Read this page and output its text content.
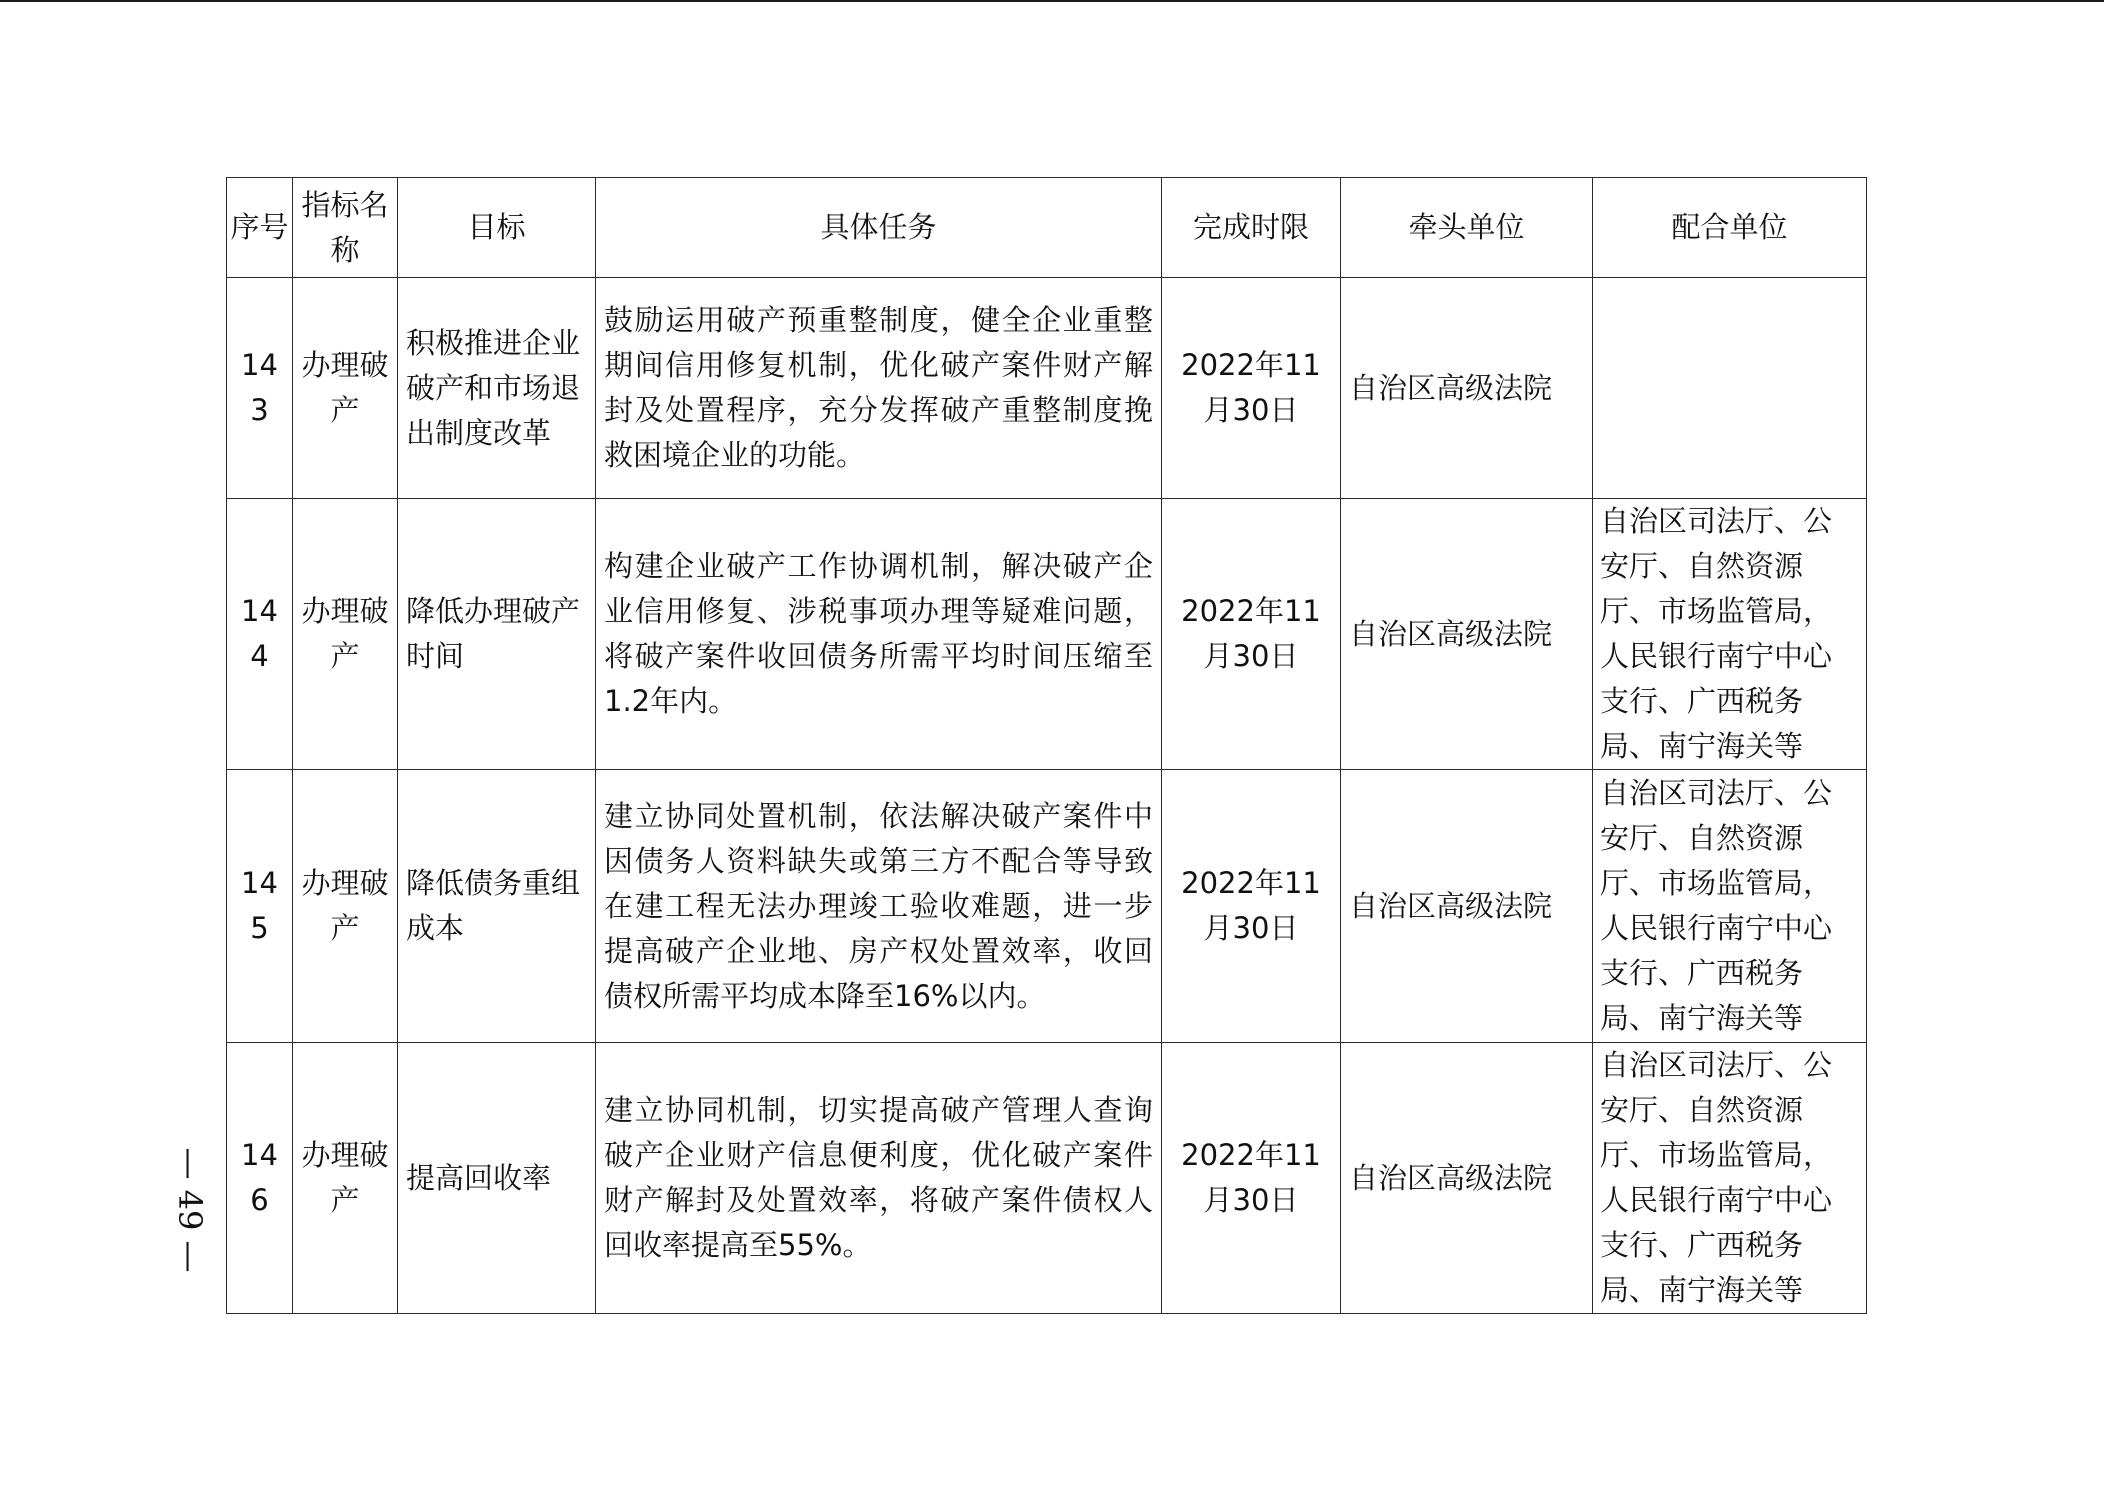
序号	指标名称	目标	具体任务	完成时限	牵头单位	配合单位
143	办理破产	积极推进企业破产和市场退出制度改革	鼓励运用破产预重整制度，健全企业重整期间信用修复机制，优化破产案件财产解封及处置程序，充分发挥破产重整制度挽救困境企业的功能。	2022年11月30日	自治区高级法院	
144	办理破产	降低办理破产时间	构建企业破产工作协调机制，解决破产企业信用修复、涉税事项办理等疑难问题，将破产案件收回债务所需平均时间压缩至1.2年内。	2022年11月30日	自治区高级法院	自治区司法厅、公安厅、自然资源厅、市场监管局，人民银行南宁中心支行、广西税务局、南宁海关等
145	办理破产	降低债务重组成本	建立协同处置机制，依法解决破产案件中因债务人资料缺失或第三方不配合等导致在建工程无法办理竣工验收难题，进一步提高破产企业地、房产权处置效率，收回债权所需平均成本降至16%以内。	2022年11月30日	自治区高级法院	自治区司法厅、公安厅、自然资源厅、市场监管局，人民银行南宁中心支行、广西税务局、南宁海关等
146	办理破产	提高回收率	建立协同机制，切实提高破产管理人查询破产企业财产信息便利度，优化破产案件财产解封及处置效率，将破产案件债权人回收率提高至55%。	2022年11月30日	自治区高级法院	自治区司法厅、公安厅、自然资源厅、市场监管局，人民银行南宁中心支行、广西税务局、南宁海关等
— 49 —
